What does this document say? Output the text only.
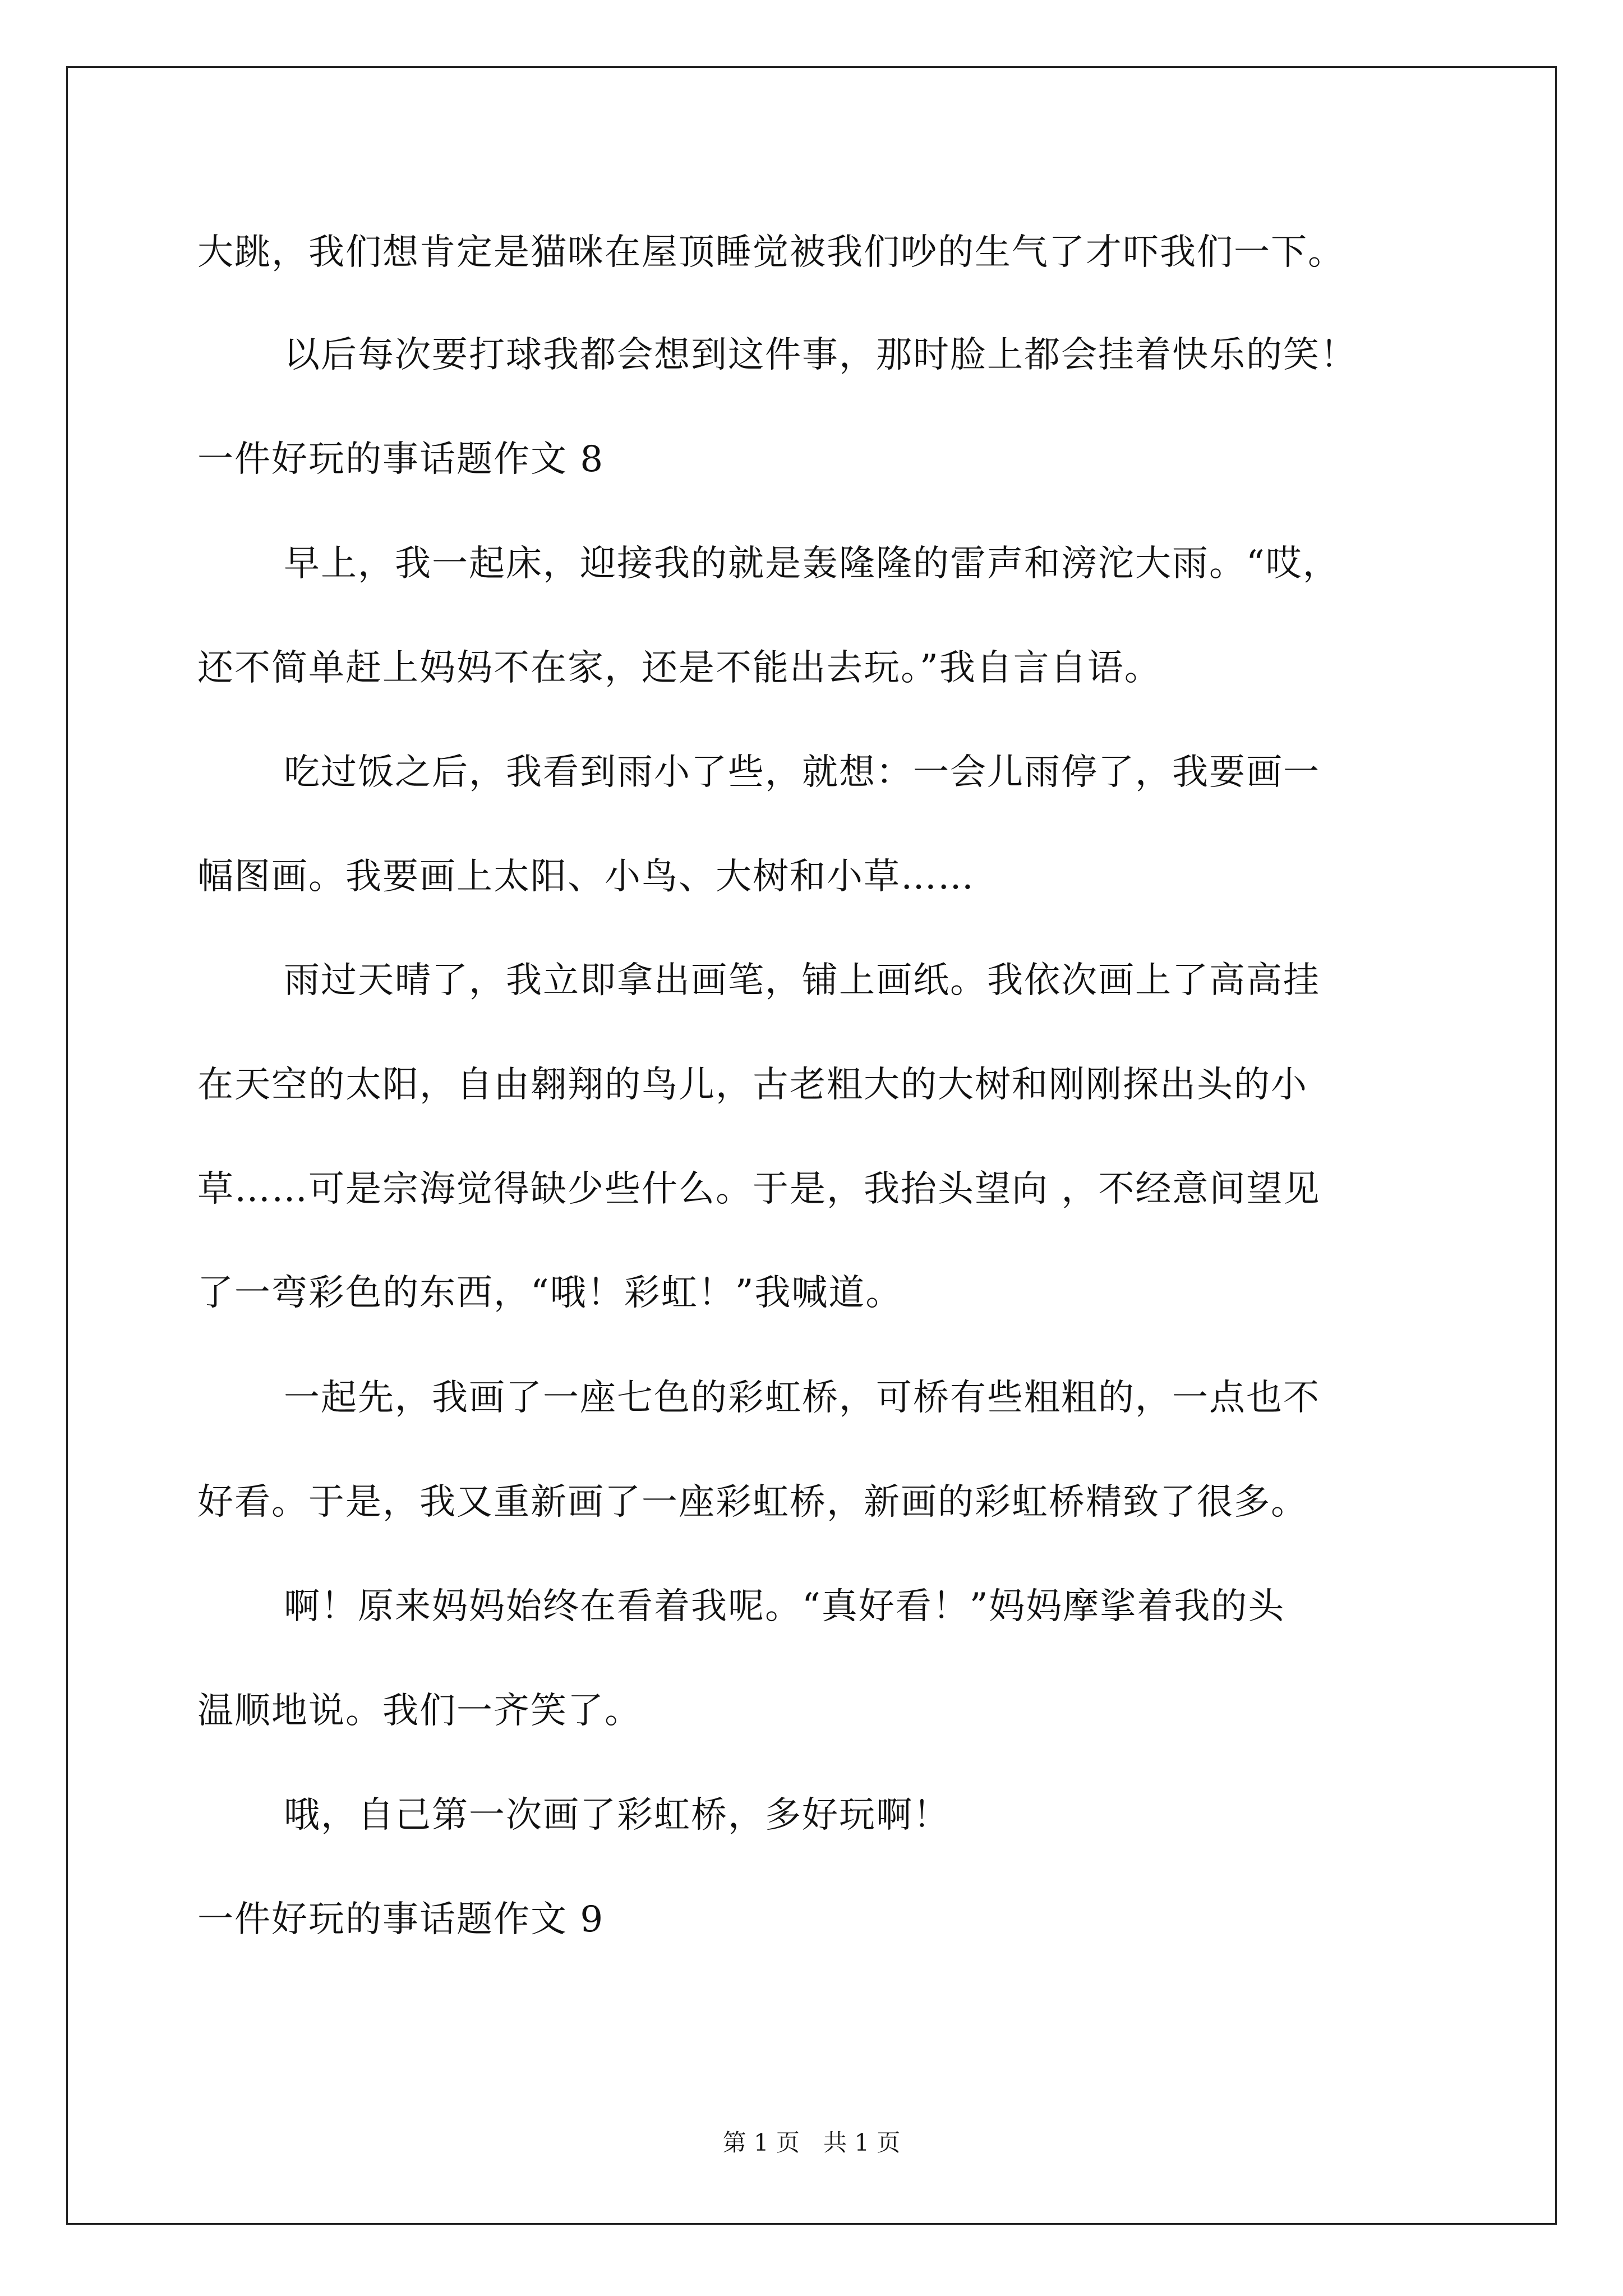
大跳，我们想肯定是猫咪在屋顶睡觉被我们吵的生气了才吓我们一下。
以后每次要打球我都会想到这件事，那时脸上都会挂着快乐的笑！
一件好玩的事话题作文 8
早上，我一起床，迎接我的就是轰隆隆的雷声和滂沱大雨。“哎，
还不简单赶上妈妈不在家，还是不能出去玩。”我自言自语。
吃过饭之后，我看到雨小了些，就想：一会儿雨停了，我要画一
幅图画。我要画上太阳、小鸟、大树和小草……
雨过天晴了，我立即拿出画笔，铺上画纸。我依次画上了高高挂
在天空的太阳，自由翱翔的鸟儿，古老粗大的大树和刚刚探出头的小
草……可是宗海觉得缺少些什么。于是，我抬头望向 ，不经意间望见
了一弯彩色的东西，“哦！彩虹！”我喊道。
一起先，我画了一座七色的彩虹桥，可桥有些粗粗的，一点也不
好看。于是，我又重新画了一座彩虹桥，新画的彩虹桥精致了很多。
啊！原来妈妈始终在看着我呢。“真好看！”妈妈摩挲着我的头
温顺地说。我们一齐笑了。
哦，自己第一次画了彩虹桥，多好玩啊！
一件好玩的事话题作文 9
第 1 页　共 1 页
